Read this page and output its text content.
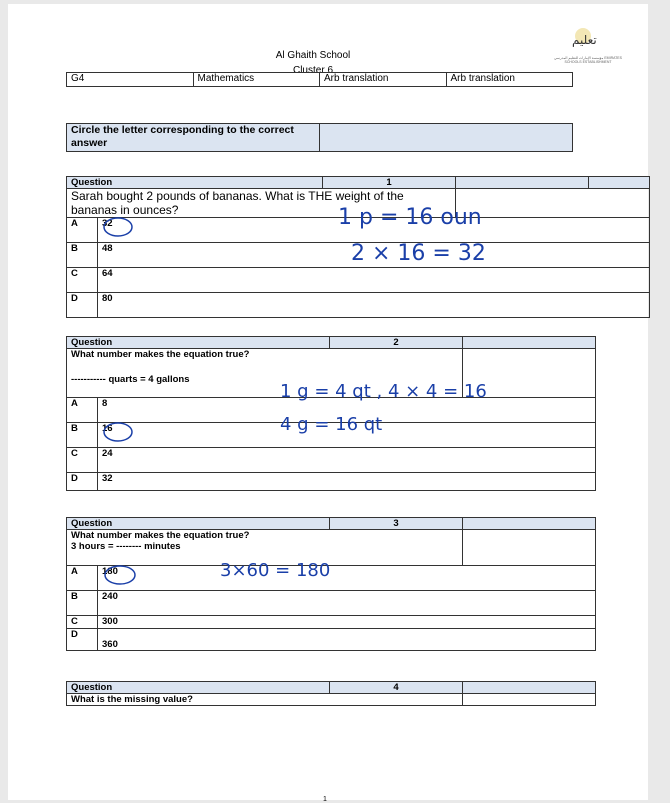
Al Ghaith School
Cluster 6
تعليم
مؤسسة الإمارات للتعليم المدرسي EMIRATES SCHOOLS ESTABLISHMENT
G4	Mathematics	Arb translation	Arb translation
Circle the letter corresponding to the correct answer	
Question		1		
Sarah bought 2 pounds of bananas. What is THE weight of the bananas in ounces?				
A	32			
B	48			
C	64			
D	80			
Question		2	

What number makes the equation true?
----------- quarts = 4 gallons			

A	8		
B	16		
C	24		
D	32		
Question		3	

What number makes the equation true?
3 hours = -------- minutes			

A	180		
B	240		
C	300		
D	360		
Question	4	
What is the missing value?		
1 p = 16 oun
2 × 16 = 32
1 g = 4 qt , 4 × 4 = 16
4 g = 16 qt
3×60 = 180
1
